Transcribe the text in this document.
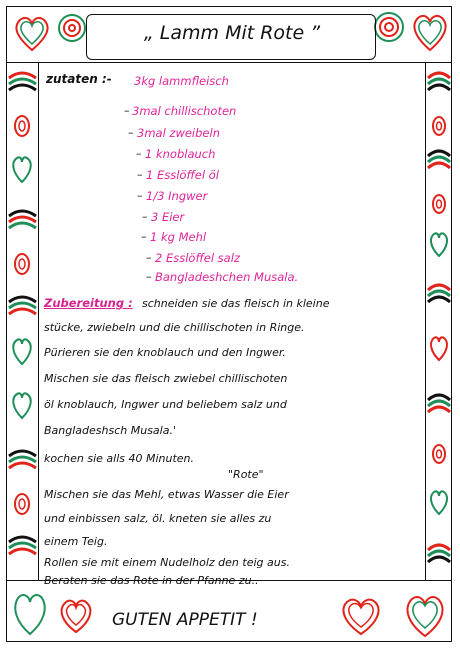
„ Lamm Mit Rote ”
zutaten :- 3kg lammfleisch
3mal chillischoten
3mal zweibeln
1 knoblauch
1 Esslöffel öl
1/3 Ingwer
3 Eier
1 kg Mehl
2 Esslöffel salz
Bangladeshchen Musala.
–
–
–
–
–
–
–
–
–
Zubereitung : schneiden sie das fleisch in kleine
stücke, zwiebeln und die chillischoten in Ringe.
Pürieren sie den knoblauch und den Ingwer.
Mischen sie das fleisch zwiebel chillischoten
öl knoblauch, Ingwer und beliebem salz und
Bangladeshsch Musala.'
kochen sie alls 40 Minuten.
"Rote"
Mischen sie das Mehl, etwas Wasser die Eier
und einbissen salz, öl. kneten sie alles zu
einem Teig.
Rollen sie mit einem Nudelholz den teig aus.
Beraten sie das Rote in der Pfanne zu..
GUTEN APPETIT !
